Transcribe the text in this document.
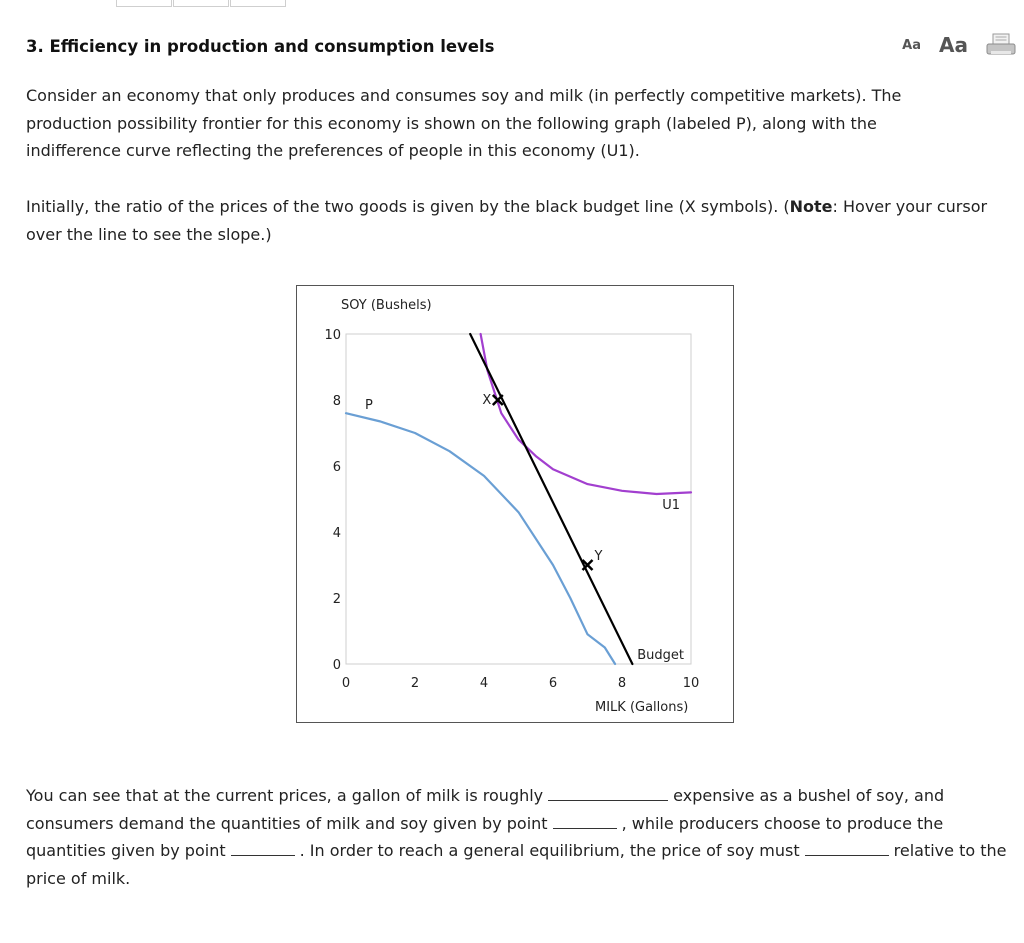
3. Efficiency in production and consumption levels	Aa Aa

Consider an economy that only produces and consumes soy and milk (in perfectly competitive markets). The production possibility frontier for this economy is shown on the following graph (labeled P), along with the indifference curve reflecting the preferences of people in this economy (U1).

Initially, the ratio of the prices of the two goods is given by the black budget line (X symbols). (Note: Hover your cursor over the line to see the slope.)

SOY (Bushels)
MILK (Gallons)
0
2
4
6
8
10
0	2	4	6	8	10
P
U1
Budget
X
Y

You can see that at the current prices, a gallon of milk is roughly	expensive as a bushel of soy, and consumers demand the quantities of milk and soy given by point	, while producers choose to produce the quantities given by point	. In order to reach a general equilibrium, the price of soy must	relative to the price of milk.
